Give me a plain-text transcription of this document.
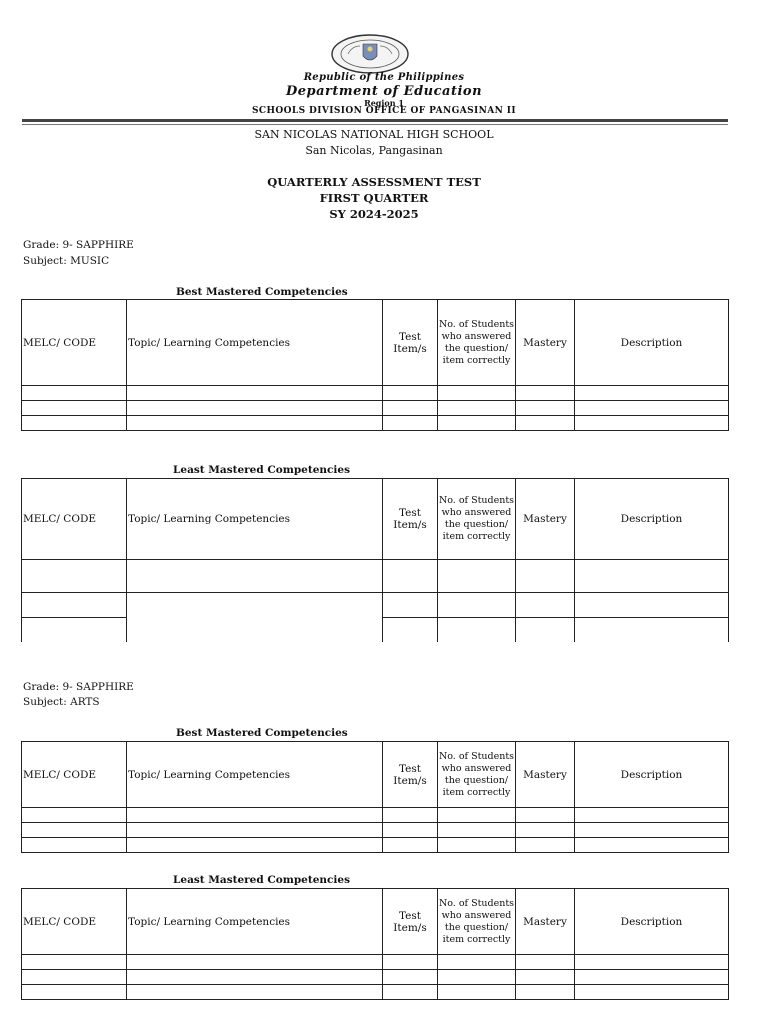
Republic of the Philippines
Department of Education
Region 1
SCHOOLS DIVISION OFFICE OF PANGASINAN II
SAN NICOLAS NATIONAL HIGH SCHOOL
San Nicolas, Pangasinan
QUARTERLY ASSESSMENT TEST
FIRST QUARTER
SY 2024-2025
Grade: 9- SAPPHIRE
Subject: MUSIC
Best Mastered Competencies
MELC/ CODE	Topic/ Learning Competencies	Test Item/s	No. of Students who answered the question/ item correctly	Mastery	Description

Least Mastered Competencies
MELC/ CODE	Topic/ Learning Competencies	Test Item/s	No. of Students who answered the question/ item correctly	Mastery	Description

Grade: 9- SAPPHIRE
Subject: ARTS
Best Mastered Competencies
MELC/ CODE	Topic/ Learning Competencies	Test Item/s	No. of Students who answered the question/ item correctly	Mastery	Description

Least Mastered Competencies
MELC/ CODE	Topic/ Learning Competencies	Test Item/s	No. of Students who answered the question/ item correctly	Mastery	Description
